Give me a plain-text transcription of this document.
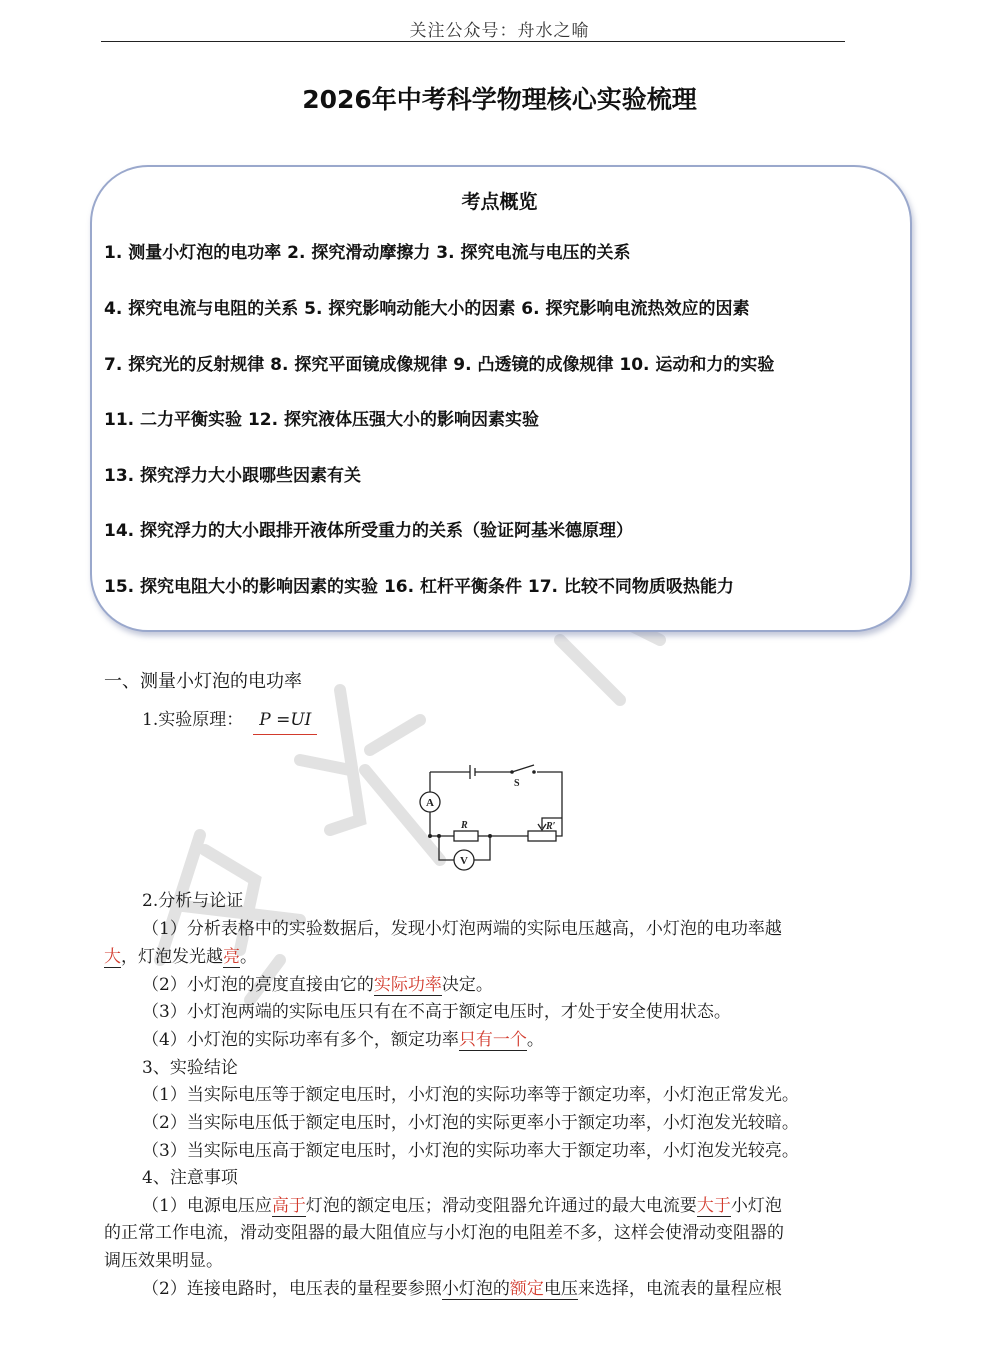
关注公众号：舟水之喻
2026年中考科学物理核心实验梳理
考点概览
1. 测量小灯泡的电功率 2. 探究滑动摩擦力 3. 探究电流与电压的关系
4. 探究电流与电阻的关系 5. 探究影响动能大小的因素 6. 探究影响电流热效应的因素
7. 探究光的反射规律 8. 探究平面镜成像规律 9. 凸透镜的成像规律 10. 运动和力的实验
11. 二力平衡实验 12. 探究液体压强大小的影响因素实验
13. 探究浮力大小跟哪些因素有关
14. 探究浮力的大小跟排开液体所受重力的关系（验证阿基米德原理）
15. 探究电阻大小的影响因素的实验 16. 杠杆平衡条件 17. 比较不同物质吸热能力
一、测量小灯泡的电功率
1.实验原理： P =UI
A
V
S
R	R′
2.分析与论证
（1）分析表格中的实验数据后，发现小灯泡两端的实际电压越高，小灯泡的电功率越
大，灯泡发光越亮。
（2）小灯泡的亮度直接由它的实际功率决定。
（3）小灯泡两端的实际电压只有在不高于额定电压时，才处于安全使用状态。
（4）小灯泡的实际功率有多个，额定功率只有一个。
3、实验结论
（1）当实际电压等于额定电压时，小灯泡的实际功率等于额定功率，小灯泡正常发光。
（2）当实际电压低于额定电压时，小灯泡的实际更率小于额定功率，小灯泡发光较暗。
（3）当实际电压高于额定电压时，小灯泡的实际功率大于额定功率，小灯泡发光较亮。
4、注意事项
（1）电源电压应高于灯泡的额定电压；滑动变阻器允许通过的最大电流要大于小灯泡
的正常工作电流，滑动变阻器的最大阻值应与小灯泡的电阻差不多，这样会使滑动变阻器的
调压效果明显。
（2）连接电路时，电压表的量程要参照小灯泡的额定电压来选择，电流表的量程应根
